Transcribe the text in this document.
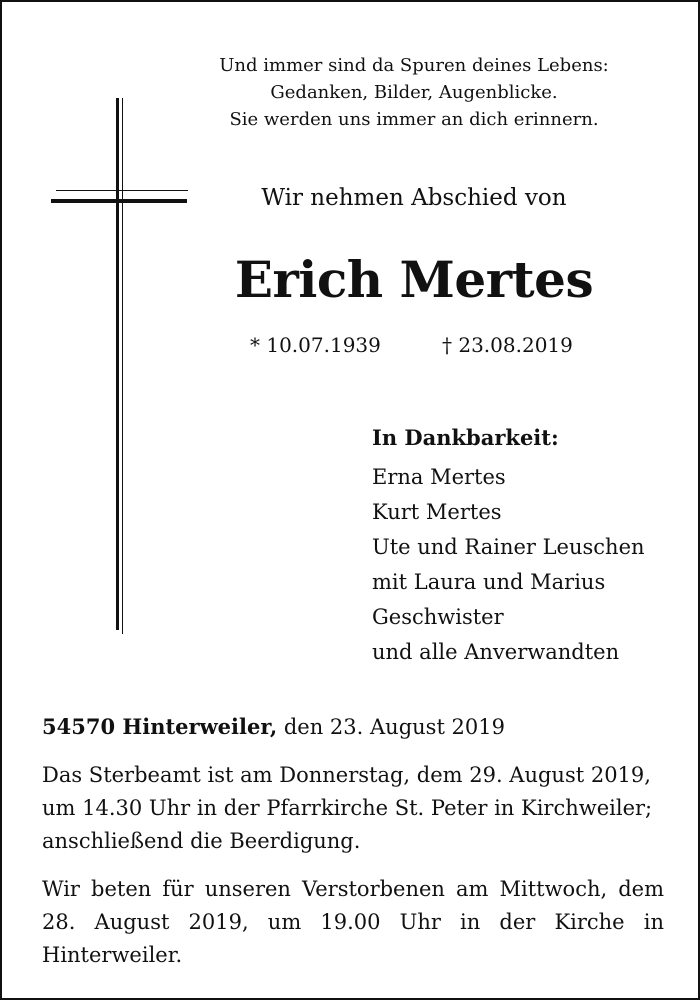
Und immer sind da Spuren deines Lebens:
Gedanken, Bilder, Augenblicke.
Sie werden uns immer an dich erinnern.
Wir nehmen Abschied von
Erich Mertes
* 10.07.1939	† 23.08.2019
In Dankbarkeit:
Erna Mertes
Kurt Mertes
Ute und Rainer Leuschen
mit Laura und Marius
Geschwister
und alle Anverwandten
54570 Hinterweiler, den 23. August 2019
Das Sterbeamt ist am Donnerstag, dem 29. August 2019,
um 14.30 Uhr in der Pfarrkirche St. Peter in Kirchweiler;
anschließend die Beerdigung.
Wir beten für unseren Verstorbenen am Mittwoch, dem 28. August 2019, um 19.00 Uhr in der Kirche in Hinterweiler.
